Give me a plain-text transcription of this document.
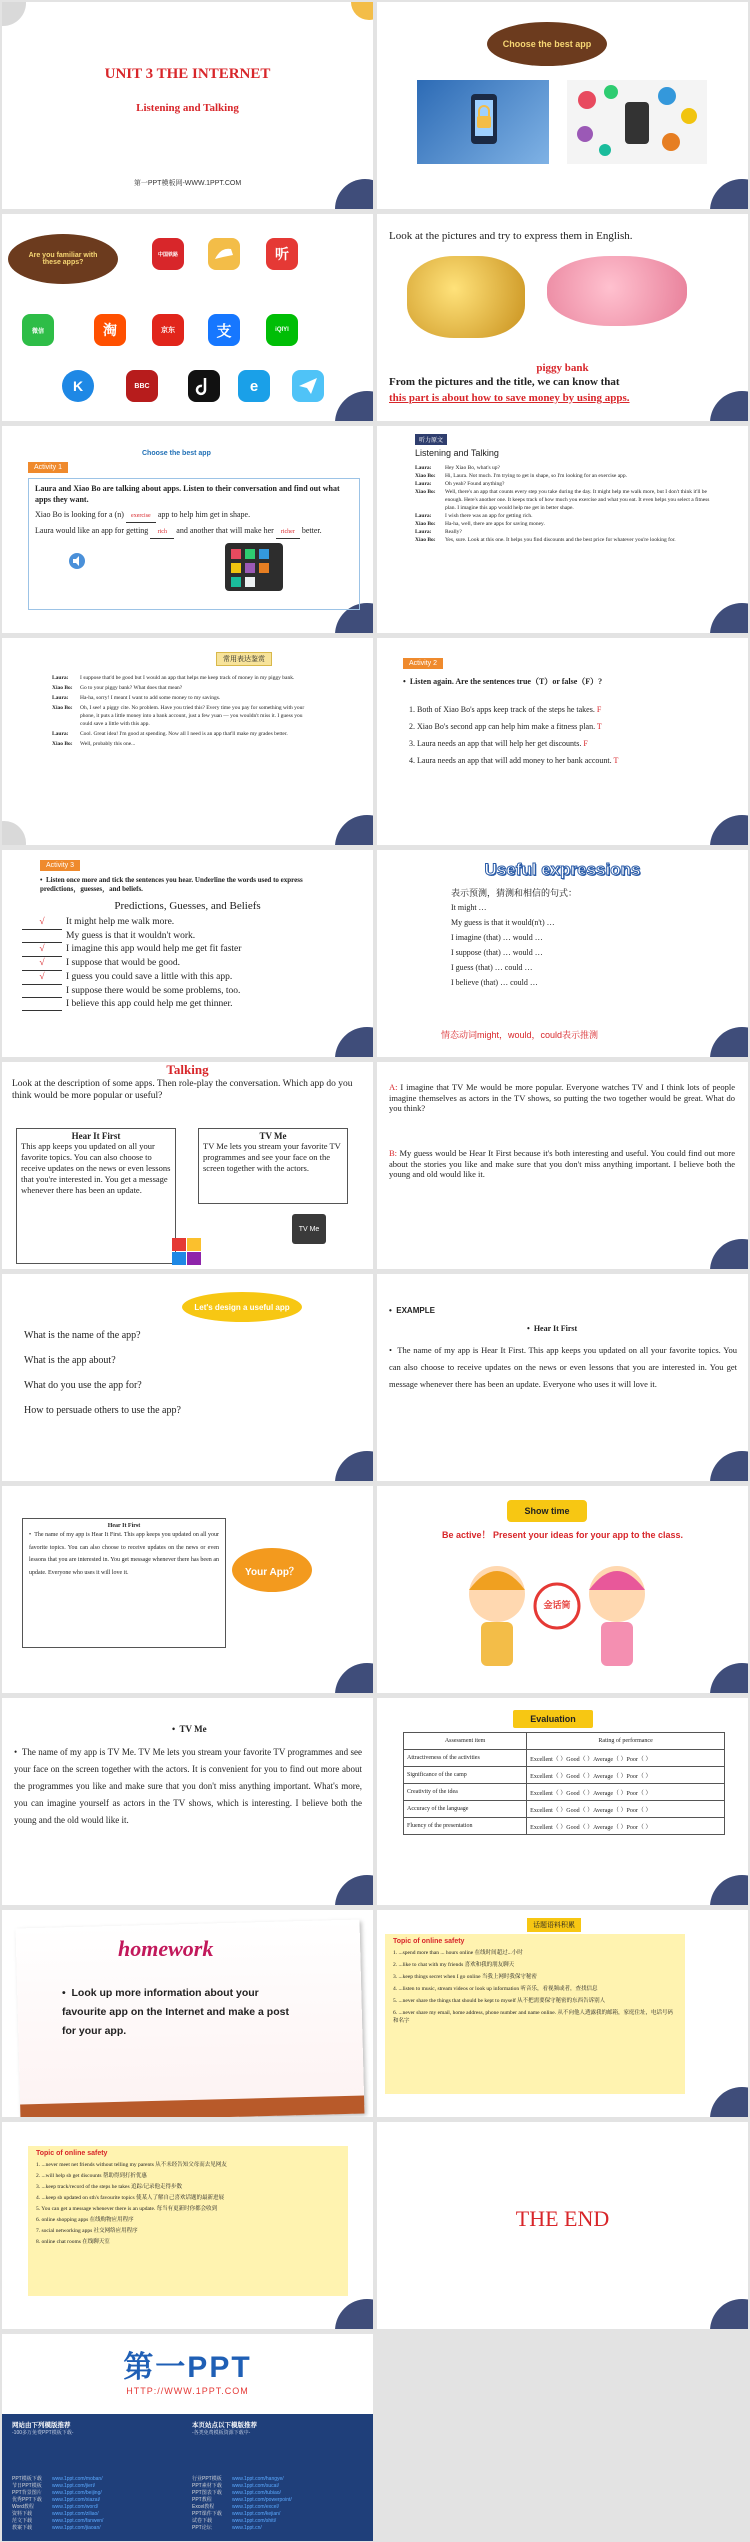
UNIT 3 THE INTERNET
Listening and Talking
第一PPT模板网-WWW.1PPT.COM
Choose the best app
Are you familiar with these apps?
中国铁路	听
微信	淘	京东	支	iQIYI
K	BBC	e
Look at the pictures and try to express them in English.
piggy bank
From the pictures and the title, we can know that
this part is about how to save money by using apps.
Choose the best app
Activity 1
Laura and Xiao Bo are talking about apps. Listen to their conversation and find out what apps they want.
Xiao Bo is looking for a (n) exercise app to help him get in shape.
Laura would like an app for getting rich and another that will make her richer better.
听力原文
Listening and Talking
Laura:	Hey Xiao Bo, what's up?
Xiao Bo:	Hi, Laura. Not much. I'm trying to get in shape, so I'm looking for an exercise app.
Laura:	Oh yeah? Found anything?
Xiao Bo:	Well, there's an app that counts every step you take during the day. It might help me walk more, but I don't think it'll be enough. Here's another one. It keeps track of how much you exercise and what you eat. It even helps you select a fitness plan. I imagine this app would help me get in better shape.
Laura:	I wish there was an app for getting rich.
Xiao Bo:	Ha-ha, well, there are apps for saving money.
Laura:	Really?
Xiao Bo:	Yes, sure. Look at this one. It helps you find discounts and the best price for whatever you're looking for.
常用表达鉴赏
Laura:	I suppose that'd be good but I would an app that helps me keep track of money in my piggy bank.
Xiao Bo:	Go to your piggy bank? What does that mean?
Laura:	Ha-ha, sorry! I meant I want to add some money to my savings.
Xiao Bo:	Oh, I see! a piggy cite. No problem. Have you tried this? Every time you pay for something with your phone, it puts a little money into a bank account, just a few yuan — you wouldn't miss it. I guess you could save a little with this app.
Laura:	Cool. Great idea! I'm good at spending. Now all I need is an app that'll make my grades better.
Xiao Bo:	Well, probably this one...
Activity 2
•  Listen again. Are the sentences true（T）or false（F）?
1. Both of Xiao Bo's apps keep track of the steps he takes. F
2. Xiao Bo's second app can help him make a fitness plan. T
3. Laura needs an app that will help her get discounts. F
4. Laura needs an app that will add money to her bank account. T
Activity 3
•  Listen once more and tick the sentences you hear. Underline the words used to express predictions，guesses，and beliefs.
Predictions, Guesses, and Beliefs
√	It might help me walk more.
My guess is that it wouldn't work.
√	I imagine this app would help me get fit faster
√	I suppose that would be good.
√	I guess you could save a little with this app.
I suppose there would be some problems, too.
I believe this app could help me get thinner.
Useful expressions
表示预测，猜测和相信的句式：
It might …
My guess is that it would(n't) …
I imagine (that) … would …
I suppose (that) … would …
I guess (that) … could …
I believe (that) … could …
情态动词might，would，could表示推测
Talking
Look at the description of some apps. Then role-play the conversation. Which app do you think would be more popular or useful?
Hear It First
This app keeps you updated on all your favorite topics. You can also choose to receive updates on the news or even lessons that you're interested in. You get a message whenever there has been an update.
TV Me
TV Me lets you stream your favorite TV programmes and see your face on the screen together with the actors.
TV Me
A: I imagine that TV Me would be more popular. Everyone watches TV and I think lots of people imagine themselves as actors in the TV shows, so putting the two together would be great. What do you think?
B: My guess would be Hear It First because it's both interesting and useful. You could find out more about the stories you like and make sure that you don't miss anything important. I believe both the young and old would like it.
Let's design a useful app
What is the name of the app?
What is the app about?
What do you use the app for?
How to persuade others to use the app?
•  EXAMPLE
•  Hear It First
•  The name of my app is Hear It First. This app keeps you updated on all your favorite topics. You can also choose to receive updates on the news or even lessons that you are interested in. You get message whenever there has been an update. Everyone who uses it will love it.
Hear It First
•  The name of my app is Hear It First. This app keeps you updated on all your favorite topics. You can also choose to receive updates on the news or even lessons that you are interested in. You get message whenever there has been an update. Everyone who uses it will love it.	Your App？
Show time
Be active！ Present your ideas for your app to the class.
金话筒
•  TV Me
•  The name of my app is TV Me. TV Me lets you stream your favorite TV programmes and see your face on the screen together with the actors. It is convenient for you to find out more about the programmes you like and make sure that you don't miss anything important. What's more, you can imagine yourself as actors in the TV shows, which is interesting. I believe both the young and the old would like it.
Evaluation
Assessment item	Rating of performance
Attractiveness of the activities	Excellent（ ）Good（ ）Average（ ）Poor（ ）
Significance of the camp	Excellent（ ）Good（ ）Average（ ）Poor（ ）
Creativity of the idea	Excellent（ ）Good（ ）Average（ ）Poor（ ）
Accuracy of the language	Excellent（ ）Good（ ）Average（ ）Poor（ ）
Fluency of the presentation	Excellent（ ）Good（ ）Average（ ）Poor（ ）
homework
•  Look up more information about your favourite app on the Internet and make a post for your app.
话题语料积累
Topic of online safety
1. ...spend more than ... hours online 在线时间超过...小时
2. ...like to chat with my friends 喜欢和我的朋友聊天
3. ...keep things secret when I go online 当我上网时我保守秘密
4. ...listen to music, stream videos or look up information 听音乐，看视频或者，查找信息
5. ...never share the things that should be kept to myself 从不把需要保守秘密的东西告诉别人
6. ...never share my email, home address, phone number and name online. 从不向他人透露我的邮箱，家庭住址，电话号码和名字
Topic of online safety
1. ...never meet net friends without telling my parents 从不未经告知父母而去见网友
2. ...will help sb get discounts 帮助得到打折优惠
3. ...keep track/record of the steps he takes 追踪/记录他走得步数
4. ...keep sb updated on sth's favourite topics 使某人了解自己喜欢话题的最新进展
5. You can get a message whenever there is an update. 每当有更新时你都会收到
6. online shopping apps 在线购物应用程序
7. social networking apps 社交网络应用程序
8. online chat rooms 在线聊天室
THE END
第一PPT
HTTP://WWW.1PPT.COM
网站由下列模版推荐	本页站点以下模版推荐
-100多万免费PPT模板下载-	-各类免费模板资源下载中-
PPT模板下载	www.1ppt.com/moban/	行业PPT模板	www.1ppt.com/hangye/
节日PPT模板	www.1ppt.com/jieri/	PPT素材下载	www.1ppt.com/sucai/
PPT背景图片	www.1ppt.com/beijing/	PPT图表下载	www.1ppt.com/tubiao/
优秀PPT下载	www.1ppt.com/xiazai/	PPT教程	www.1ppt.com/powerpoint/
Word教程	www.1ppt.com/word/	Excel教程	www.1ppt.com/excel/
资料下载	www.1ppt.com/ziliao/	PPT课件下载	www.1ppt.com/kejian/
范文下载	www.1ppt.com/fanwen/	试卷下载	www.1ppt.com/shiti/
教案下载	www.1ppt.com/jiaoan/	PPT论坛	www.1ppt.cn/
